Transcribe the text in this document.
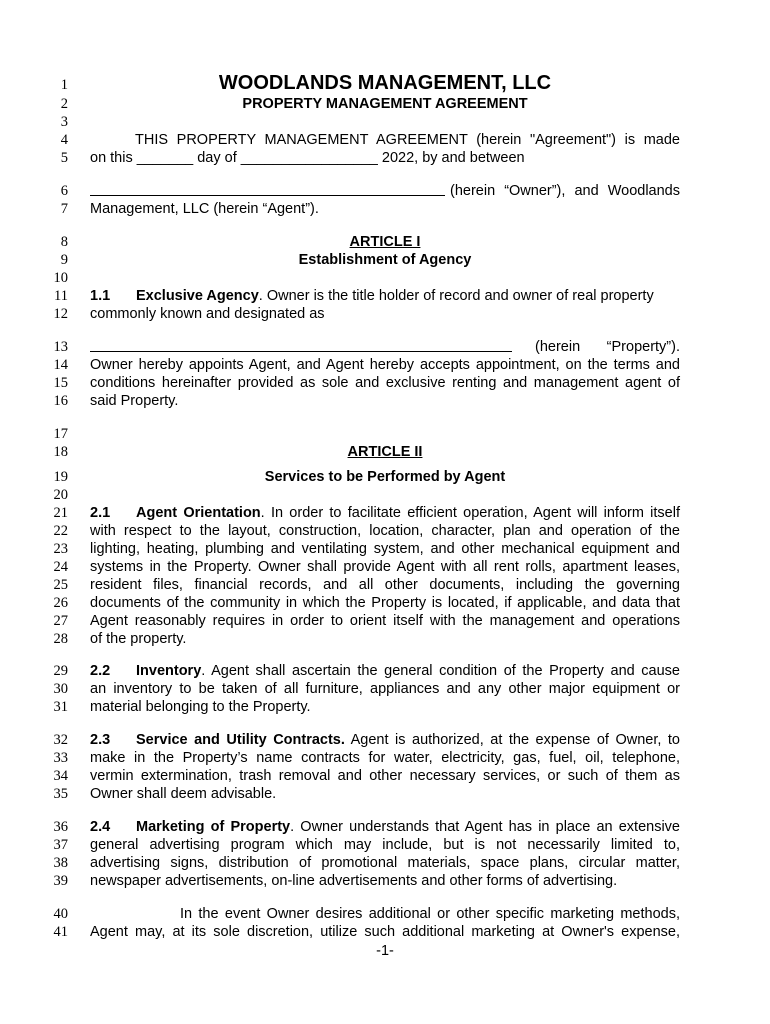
1
2
3
4
5
6
7
8
9
10
11
12
13
14
15
16
17
18
19
20
21
22
23
24
25
26
27
28
29
30
31
32
33
34
35
36
37
38
39
40
41
WOODLANDS MANAGEMENT, LLC
PROPERTY MANAGEMENT AGREEMENT
THIS PROPERTY MANAGEMENT AGREEMENT (herein "Agreement") is made
on this _______ day of _________________ 2022, by and between
(herein “Owner”), and Woodlands
Management, LLC (herein “Agent”).
ARTICLE I
Establishment of Agency
1.1 Exclusive Agency. Owner is the title holder of record and owner of real property
commonly known and designated as
(herein “Property”).
Owner hereby appoints Agent, and Agent hereby accepts appointment, on the terms and
conditions hereinafter provided as sole and exclusive renting and management agent of
said Property.
ARTICLE II
Services to be Performed by Agent
2.1 Agent Orientation. In order to facilitate efficient operation, Agent will inform itself
with respect to the layout, construction, location, character, plan and operation of the
lighting, heating, plumbing and ventilating system, and other mechanical equipment and
systems in the Property. Owner shall provide Agent with all rent rolls, apartment leases,
resident files, financial records, and all other documents, including the governing
documents of the community in which the Property is located, if applicable, and data that
Agent reasonably requires in order to orient itself with the management and operations
of the property.
2.2 Inventory. Agent shall ascertain the general condition of the Property and cause
an inventory to be taken of all furniture, appliances and any other major equipment or
material belonging to the Property.
2.3 Service and Utility Contracts. Agent is authorized, at the expense of Owner, to
make in the Property’s name contracts for water, electricity, gas, fuel, oil, telephone,
vermin extermination, trash removal and other necessary services, or such of them as
Owner shall deem advisable.
2.4 Marketing of Property. Owner understands that Agent has in place an extensive
general advertising program which may include, but is not necessarily limited to,
advertising signs, distribution of promotional materials, space plans, circular matter,
newspaper advertisements, on-line advertisements and other forms of advertising.
In the event Owner desires additional or other specific marketing methods,
Agent may, at its sole discretion, utilize such additional marketing at Owner's expense,
-1-
